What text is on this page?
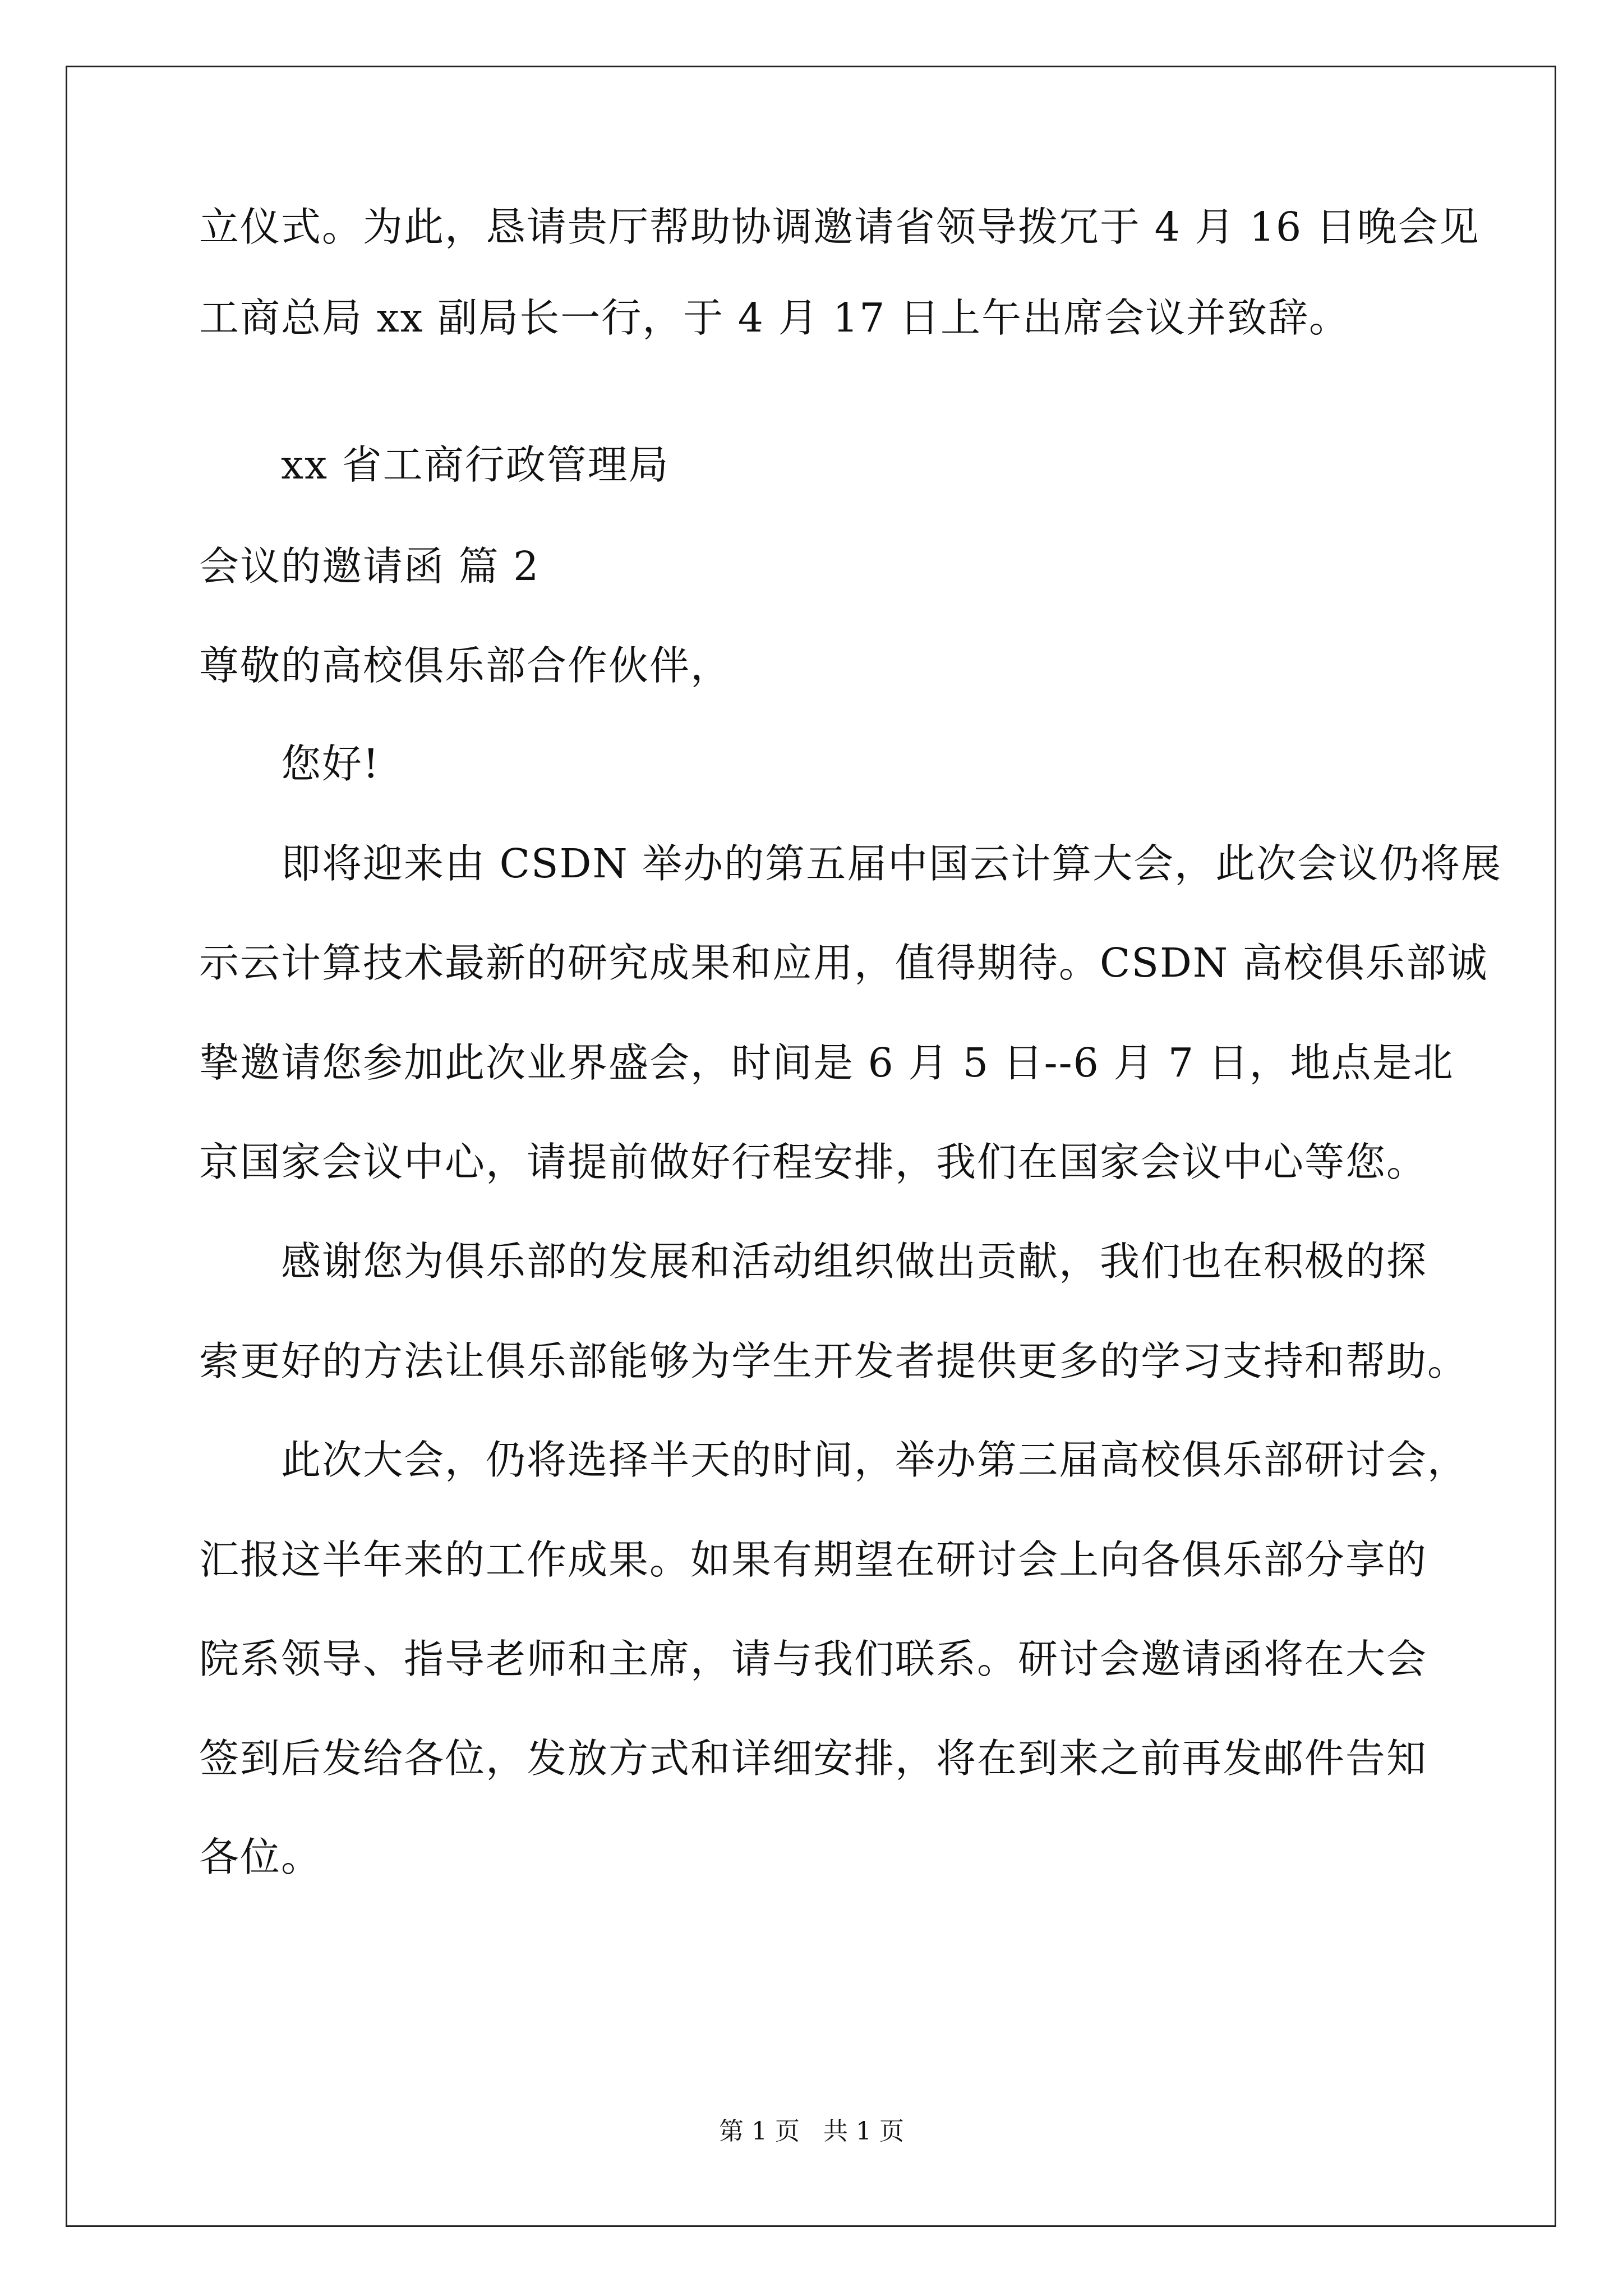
立仪式。为此，恳请贵厅帮助协调邀请省领导拨冗于 4 月 16 日晚会见
工商总局 xx 副局长一行，于 4 月 17 日上午出席会议并致辞。
xx 省工商行政管理局
会议的邀请函 篇 2
尊敬的高校俱乐部合作伙伴，
您好!
即将迎来由 CSDN 举办的第五届中国云计算大会，此次会议仍将展
示云计算技术最新的研究成果和应用，值得期待。CSDN 高校俱乐部诚
挚邀请您参加此次业界盛会，时间是 6 月 5 日--6 月 7 日，地点是北
京国家会议中心，请提前做好行程安排，我们在国家会议中心等您。
感谢您为俱乐部的发展和活动组织做出贡献，我们也在积极的探
索更好的方法让俱乐部能够为学生开发者提供更多的学习支持和帮助。
此次大会，仍将选择半天的时间，举办第三届高校俱乐部研讨会，
汇报这半年来的工作成果。如果有期望在研讨会上向各俱乐部分享的
院系领导、指导老师和主席，请与我们联系。研讨会邀请函将在大会
签到后发给各位，发放方式和详细安排，将在到来之前再发邮件告知
各位。
第 1 页   共 1 页
